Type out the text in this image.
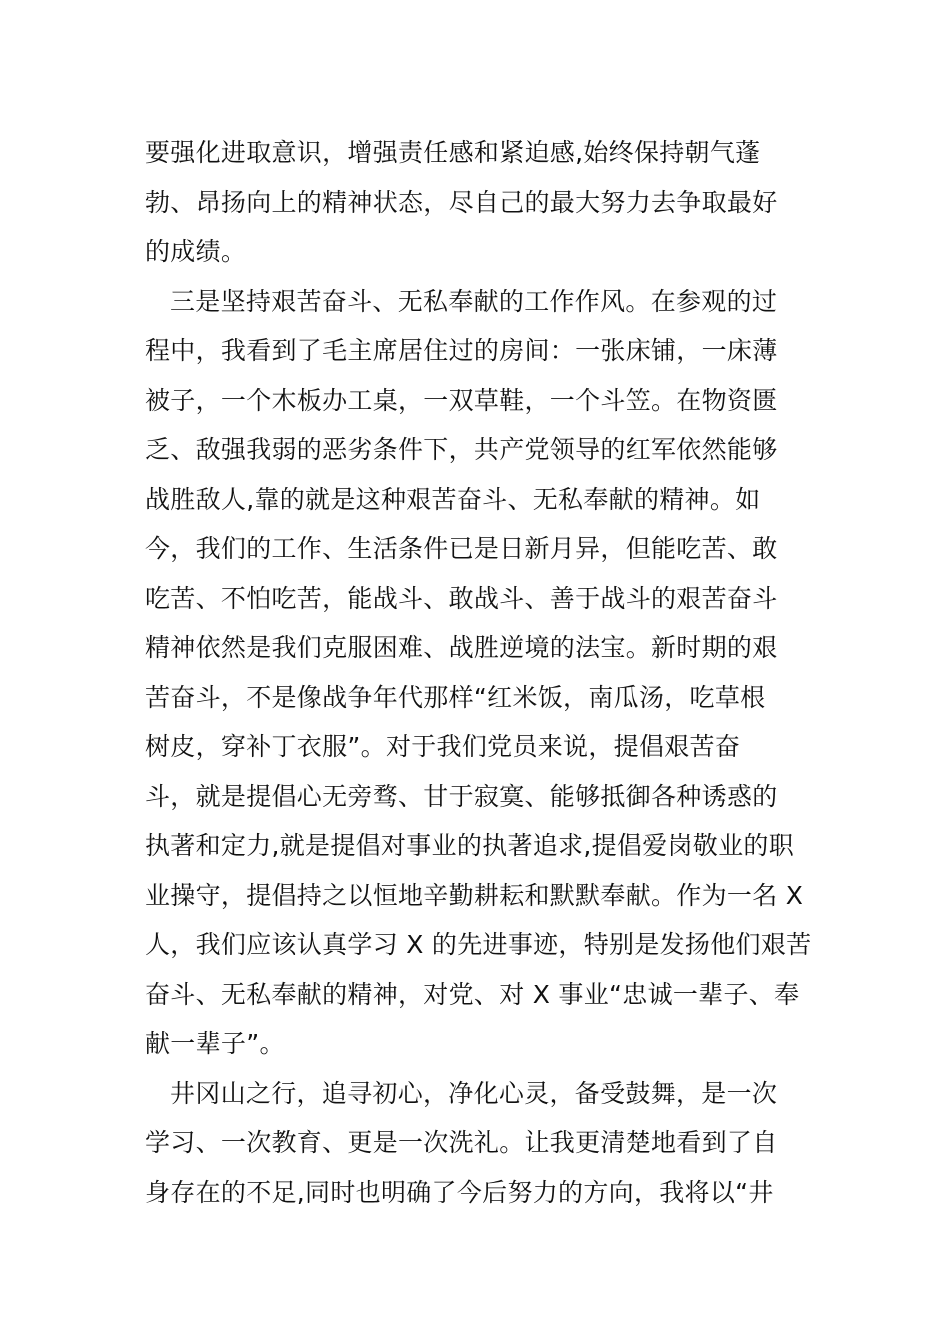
要强化进取意识，增强责任感和紧迫感,始终保持朝气蓬
勃、昂扬向上的精神状态，尽自己的最大努力去争取最好
的成绩。
三是坚持艰苦奋斗、无私奉献的工作作风。在参观的过
程中，我看到了毛主席居住过的房间：一张床铺，一床薄
被子，一个木板办工桌，一双草鞋，一个斗笠。在物资匮
乏、敌强我弱的恶劣条件下，共产党领导的红军依然能够
战胜敌人,靠的就是这种艰苦奋斗、无私奉献的精神。如
今，我们的工作、生活条件已是日新月异，但能吃苦、敢
吃苦、不怕吃苦，能战斗、敢战斗、善于战斗的艰苦奋斗
精神依然是我们克服困难、战胜逆境的法宝。新时期的艰
苦奋斗，不是像战争年代那样“红米饭，南瓜汤，吃草根
树皮，穿补丁衣服”。对于我们党员来说，提倡艰苦奋
斗，就是提倡心无旁骛、甘于寂寞、能够抵御各种诱惑的
执著和定力,就是提倡对事业的执著追求,提倡爱岗敬业的职
业操守，提倡持之以恒地辛勤耕耘和默默奉献。作为一名 X
人，我们应该认真学习 X 的先进事迹，特别是发扬他们艰苦
奋斗、无私奉献的精神，对党、对 X 事业“忠诚一辈子、奉
献一辈子”。
井冈山之行，追寻初心，净化心灵，备受鼓舞，是一次
学习、一次教育、更是一次洗礼。让我更清楚地看到了自
身存在的不足,同时也明确了今后努力的方向，我将以“井
